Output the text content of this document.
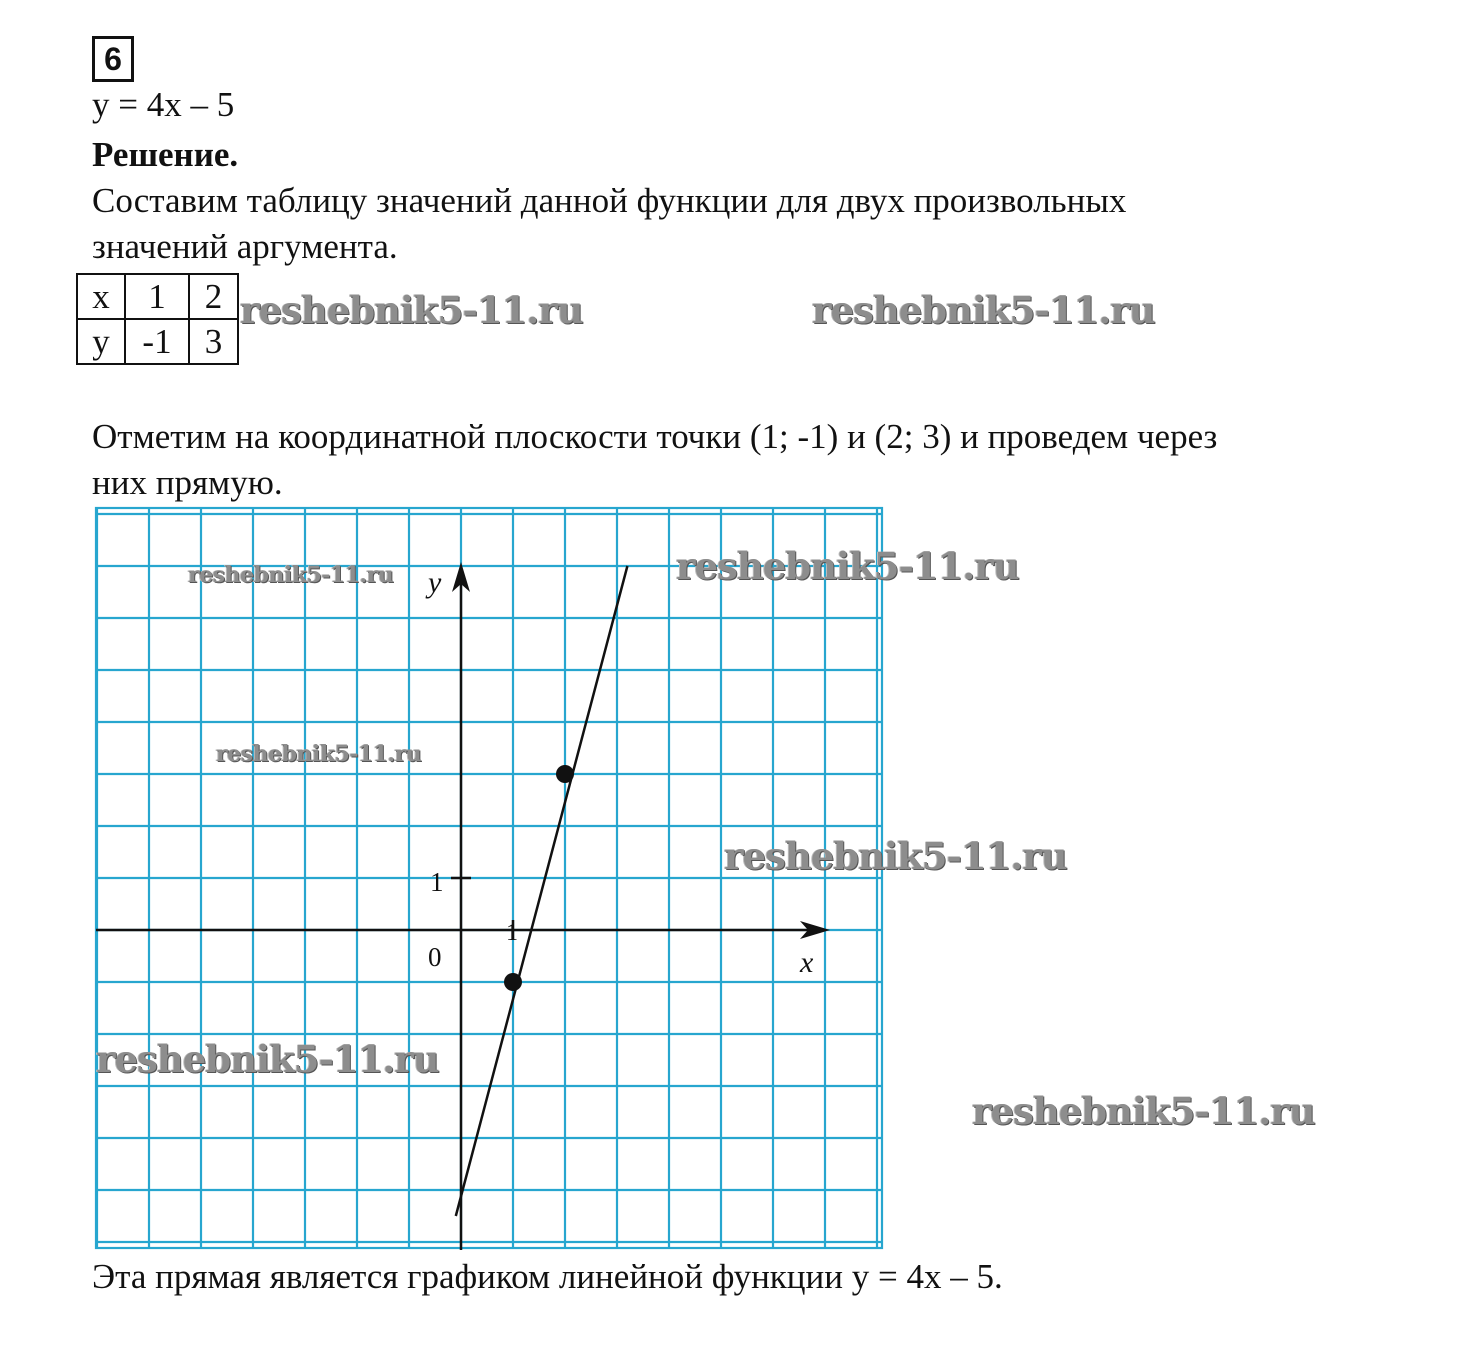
6
y = 4x – 5
Решение.
Составим таблицу значений данной функции для двух произвольных
значений аргумента.
x	1	2
y	-1	3
Отметим на координатной плоскости точки (1; -1) и (2; 3) и проведем через
них прямую.
x
y
0
1
1
reshebnik5-11.ru	reshebnik5-11.ru
reshebnik5-11.ru
reshebnik5-11.ru
reshebnik5-11.ru
reshebnik5-11.ru
reshebnik5-11.ru
reshebnik5-11.ru
Эта прямая является графиком линейной функции y = 4x – 5.
